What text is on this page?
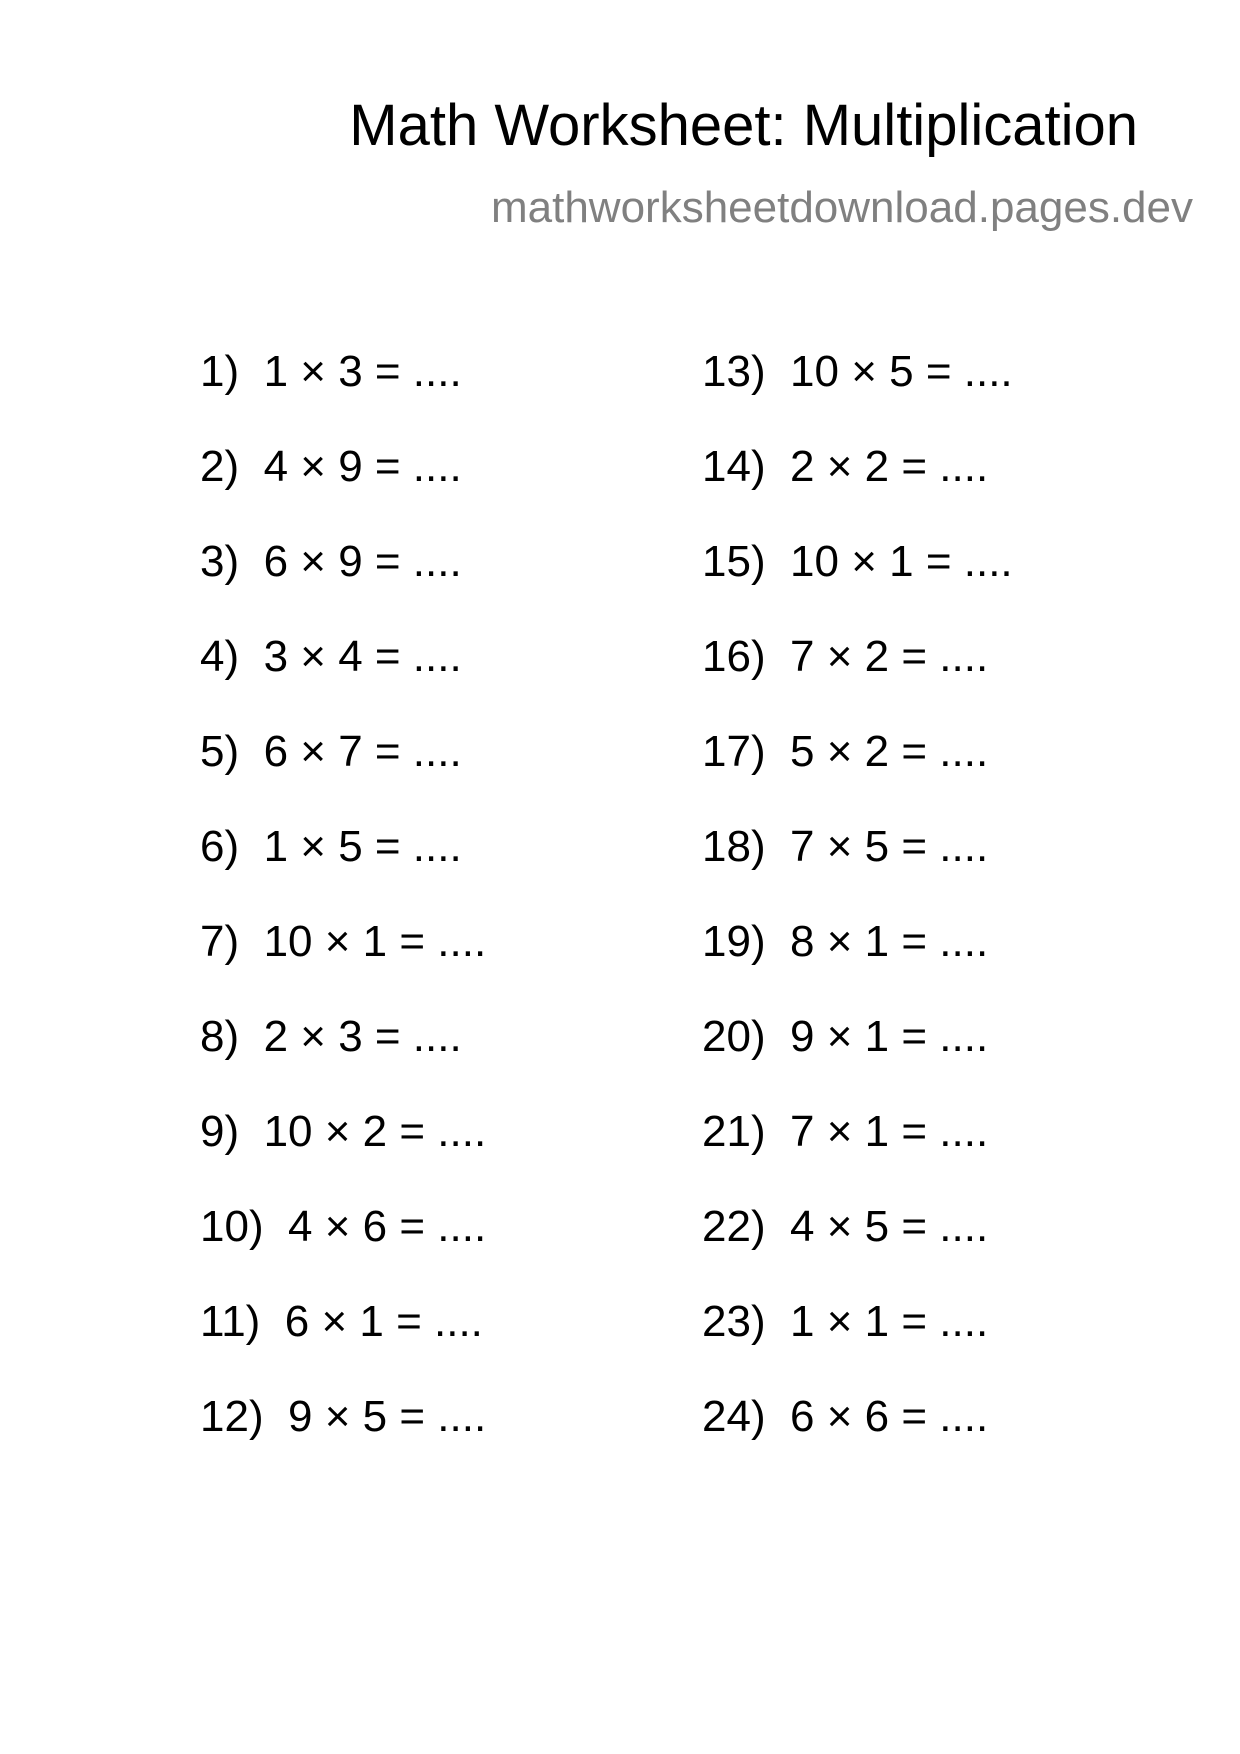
Math Worksheet: Multiplication
mathworksheetdownload.pages.dev
1)  1 × 3 = ....
2)  4 × 9 = ....
3)  6 × 9 = ....
4)  3 × 4 = ....
5)  6 × 7 = ....
6)  1 × 5 = ....
7)  10 × 1 = ....
8)  2 × 3 = ....
9)  10 × 2 = ....
10)  4 × 6 = ....
11)  6 × 1 = ....
12)  9 × 5 = ....
13)  10 × 5 = ....
14)  2 × 2 = ....
15)  10 × 1 = ....
16)  7 × 2 = ....
17)  5 × 2 = ....
18)  7 × 5 = ....
19)  8 × 1 = ....
20)  9 × 1 = ....
21)  7 × 1 = ....
22)  4 × 5 = ....
23)  1 × 1 = ....
24)  6 × 6 = ....
